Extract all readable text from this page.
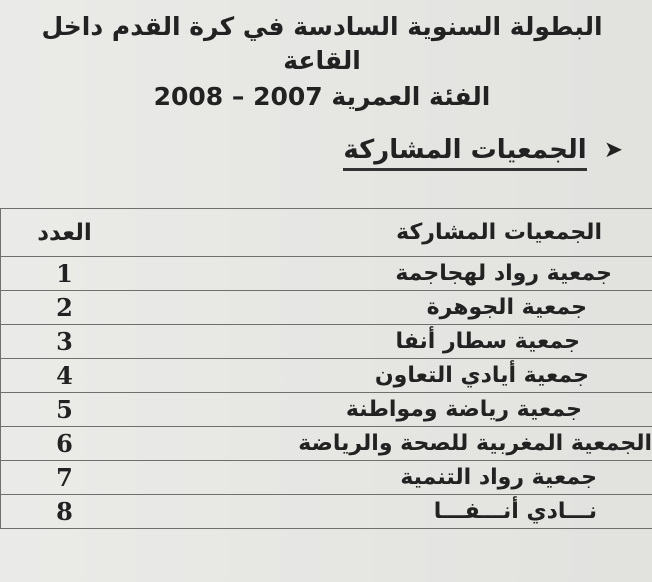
البطولة السنوية السادسة في كرة القدم داخل القاعة
الفئة العمرية 2007 – 2008
➤ الجمعيات المشاركة
الجمعيات المشاركة	العدد
جمعية رواد لهجاجمة	1
جمعية الجوهرة	2
جمعية سطار أنفا	3
جمعية أيادي التعاون	4
جمعية رياضة ومواطنة	5
الجمعية المغربية للصحة والرياضة	6
جمعية رواد التنمية	7
نـــادي أنـــفـــا	8
